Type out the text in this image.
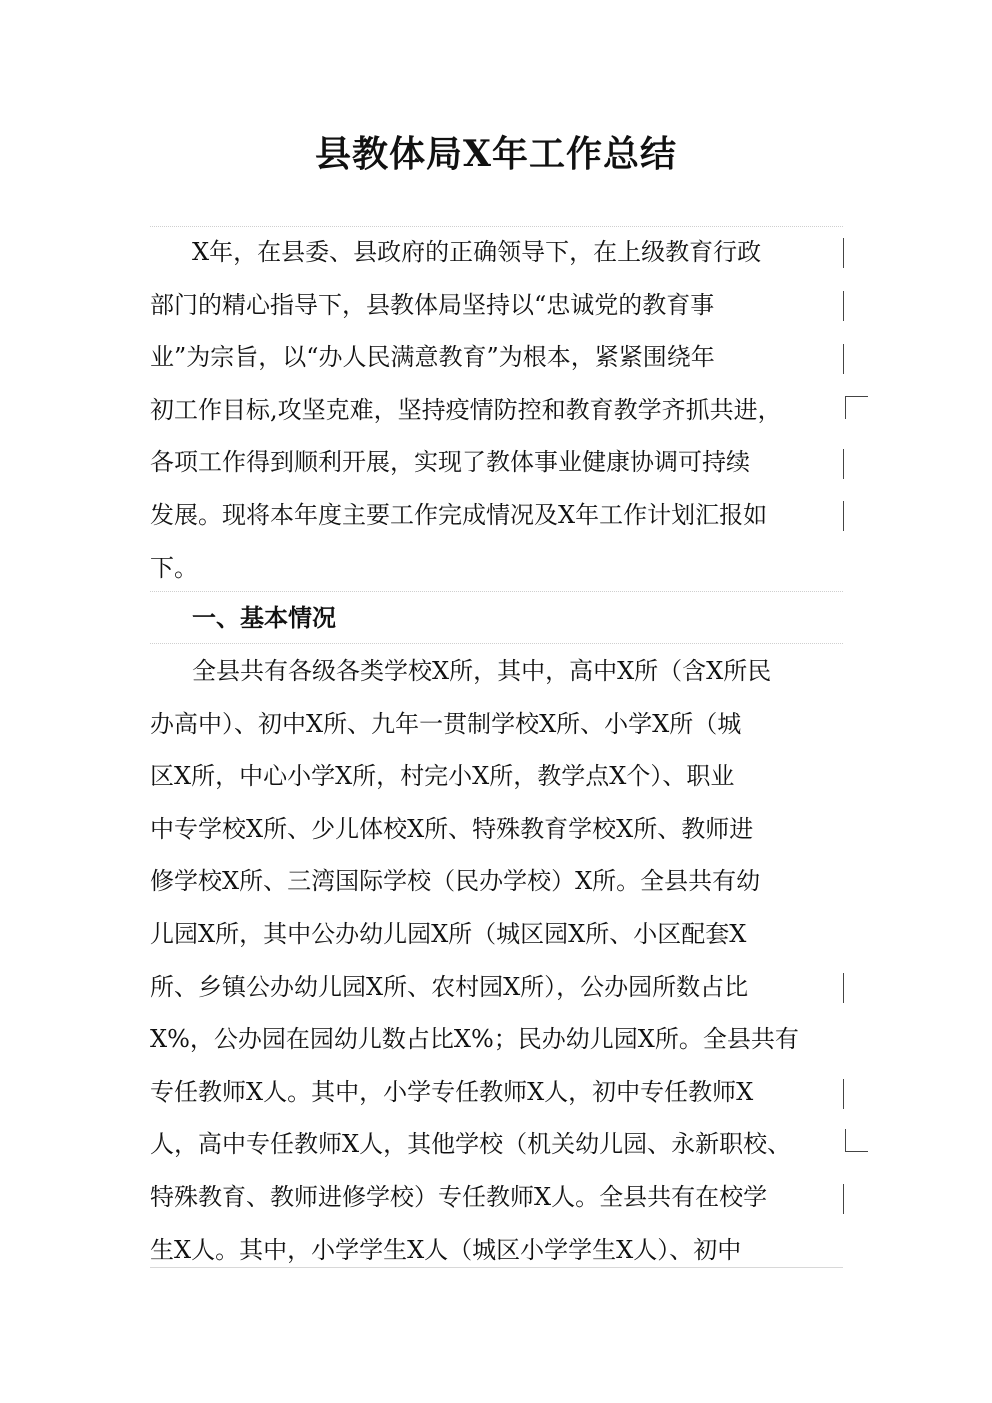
县教体局X年工作总结
X年，在县委、县政府的正确领导下，在上级教育行政
部门的精心指导下，县教体局坚持以“忠诚党的教育事
业”为宗旨，以“办人民满意教育”为根本，紧紧围绕年
初工作目标,攻坚克难，坚持疫情防控和教育教学齐抓共进，
各项工作得到顺利开展，实现了教体事业健康协调可持续
发展。现将本年度主要工作完成情况及X年工作计划汇报如
下。
一、基本情况
全县共有各级各类学校X所，其中，高中X所（含X所民
办高中）、初中X所、九年一贯制学校X所、小学X所（城
区X所，中心小学X所，村完小X所，教学点X个）、职业
中专学校X所、少儿体校X所、特殊教育学校X所、教师进
修学校X所、三湾国际学校（民办学校）X所。全县共有幼
儿园X所，其中公办幼儿园X所（城区园X所、小区配套X
所、乡镇公办幼儿园X所、农村园X所），公办园所数占比
X%，公办园在园幼儿数占比X%；民办幼儿园X所。全县共有
专任教师X人。其中，小学专任教师X人，初中专任教师X
人，高中专任教师X人，其他学校（机关幼儿园、永新职校、
特殊教育、教师进修学校）专任教师X人。全县共有在校学
生X人。其中，小学学生X人（城区小学学生X人）、初中
